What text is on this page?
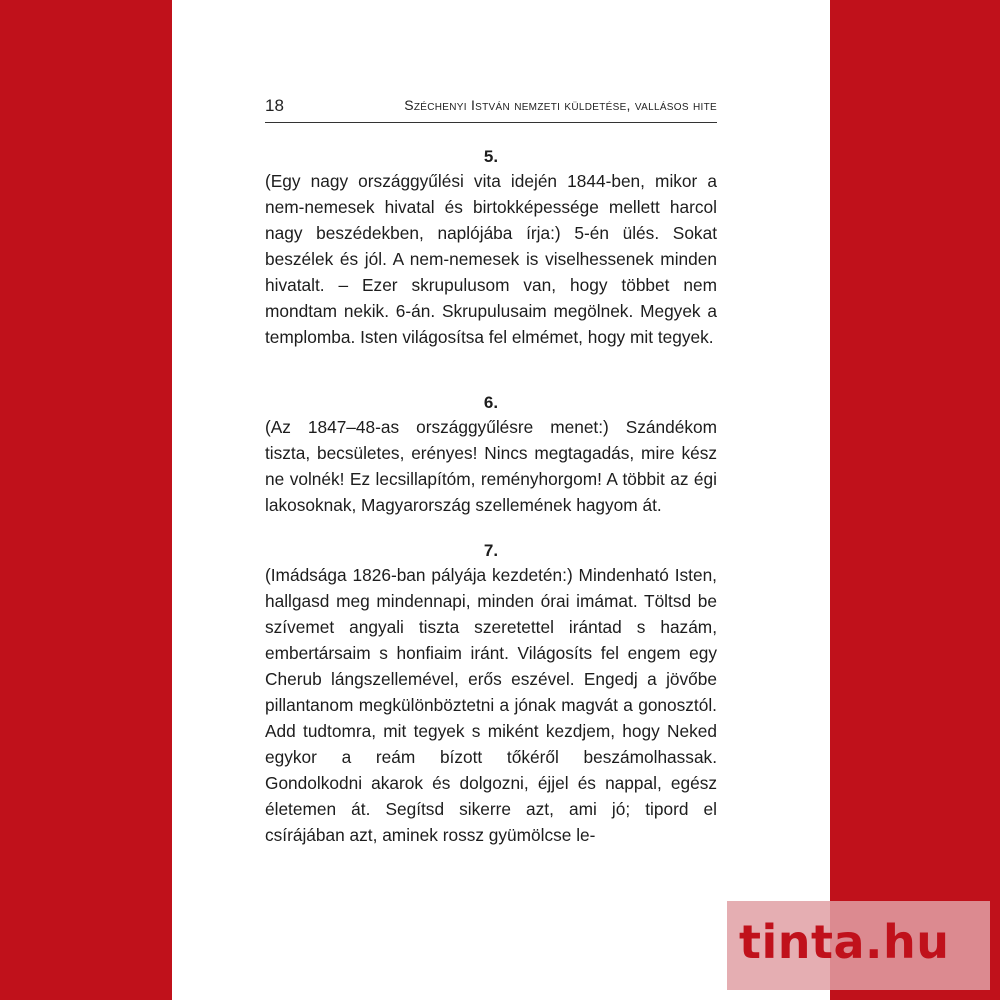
18	Széchenyi István nemzeti küldetése, vallásos hite
5.

(Egy nagy országgyűlési vita idején 1844-ben, mikor a nem-nemesek hivatal és birtokképessége mellett harcol nagy beszédekben, naplójába írja:) 5-én ülés. Sokat beszélek és jól. A nem-nemesek is viselhessenek minden hivatalt. – Ezer skrupulusom van, hogy többet nem mondtam nekik. 6-án. Skrupulusaim megölnek. Megyek a templomba. Isten világosítsa fel elmémet, hogy mit tegyek.

6.

(Az 1847–48-as országgyűlésre menet:) Szándékom tiszta, becsületes, erényes! Nincs megtagadás, mire kész ne volnék! Ez lecsillapítóm, reményhorgom! A többit az égi lakosoknak, Magyarország szellemének hagyom át.

7.

(Imádsága 1826-ban pályája kezdetén:) Mindenható Isten, hallgasd meg mindennapi, minden órai imámat. Töltsd be szívemet angyali tiszta szeretettel irántad s hazám, embertársaim s honfiaim iránt. Világosíts fel engem egy Cherub lángszellemével, erős eszével. Engedj a jövőbe pillantanom megkülönböztetni a jónak magvát a gonosztól. Add tudtomra, mit tegyek s miként kezdjem, hogy Neked egykor a reám bízott tőkéről beszámolhassak. Gondolkodni akarok és dolgozni, éjjel és nappal, egész életemen át. Segítsd sikerre azt, ami jó; tipord el csírájában azt, aminek rossz gyümölcse le-

tinta.hu
